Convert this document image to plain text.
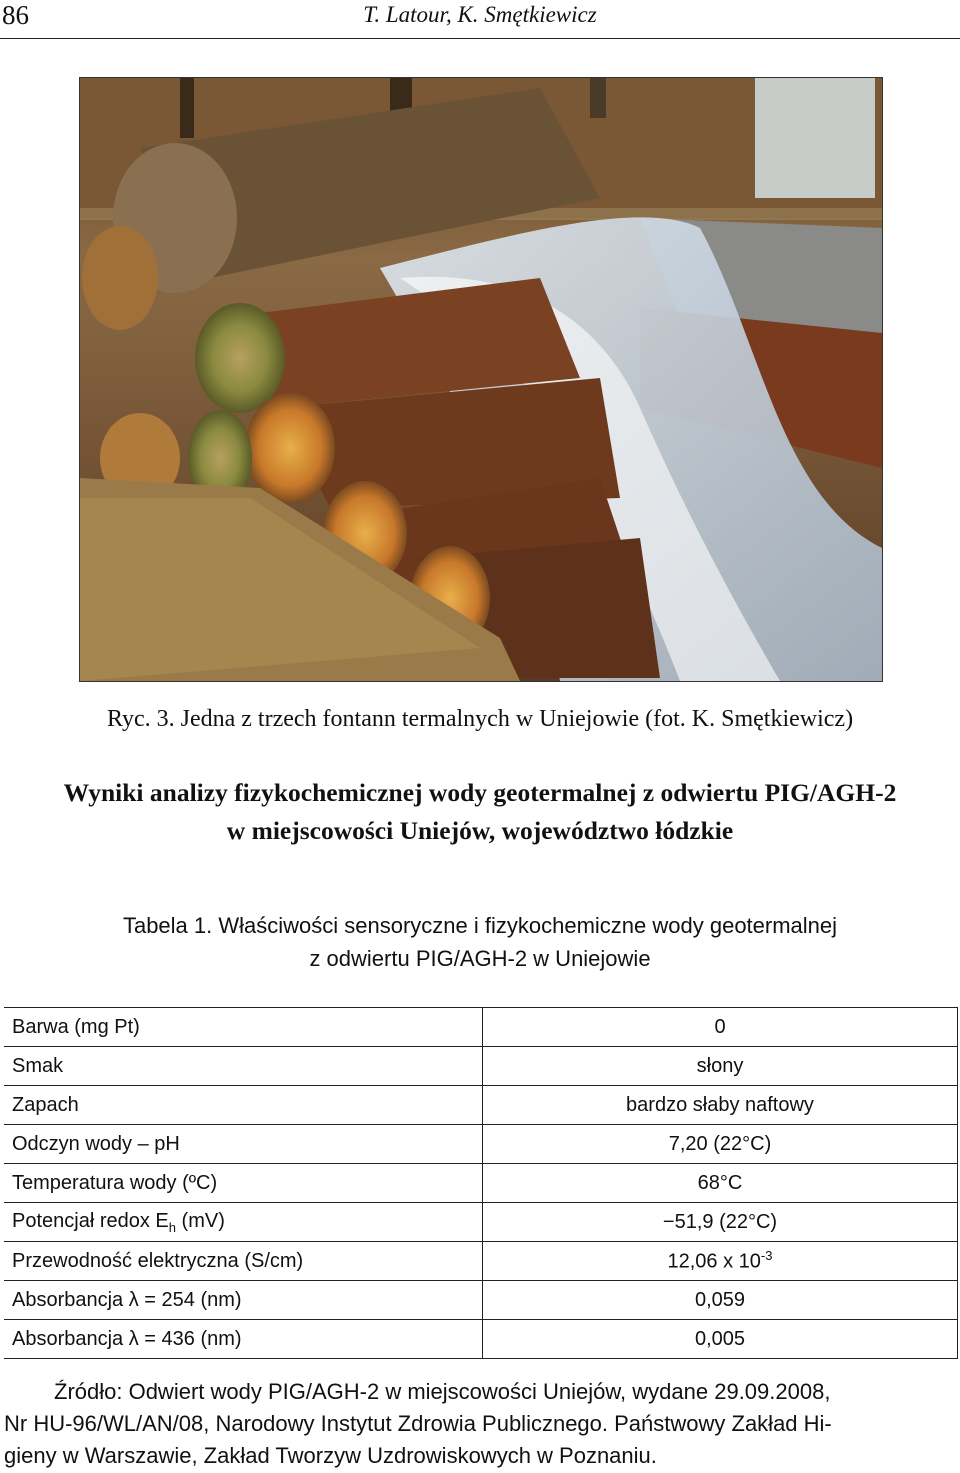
86	T. Latour, K. Smętkiewicz
Ryc. 3. Jedna z trzech fontann termalnych w Uniejowie (fot. K. Smętkiewicz)
Wyniki analizy fizykochemicznej wody geotermalnej z odwiertu PIG/AGH-2
w miejscowości Uniejów, województwo łódzkie
Tabela 1. Właściwości sensoryczne i fizykochemiczne wody geotermalnej
z odwiertu PIG/AGH-2 w Uniejowie
Barwa (mg Pt)	0
Smak	słony
Zapach	bardzo słaby naftowy
Odczyn wody – pH	7,20 (22°C)
Temperatura wody (ºC)	68°C
Potencjał redox $E_h$ (mV)	−51,9 (22°C)
Przewodność elektryczna (S/cm)	12,06 x $10^{-3}$
Absorbancja λ = 254 (nm)	0,059
Absorbancja λ = 436 (nm)	0,005
Źródło: Odwiert wody PIG/AGH-2 w miejscowości Uniejów, wydane 29.09.2008,
Nr HU-96/WL/AN/08, Narodowy Instytut Zdrowia Publicznego. Państwowy Zakład Hi-
gieny w Warszawie, Zakład Tworzyw Uzdrowiskowych w Poznaniu.
